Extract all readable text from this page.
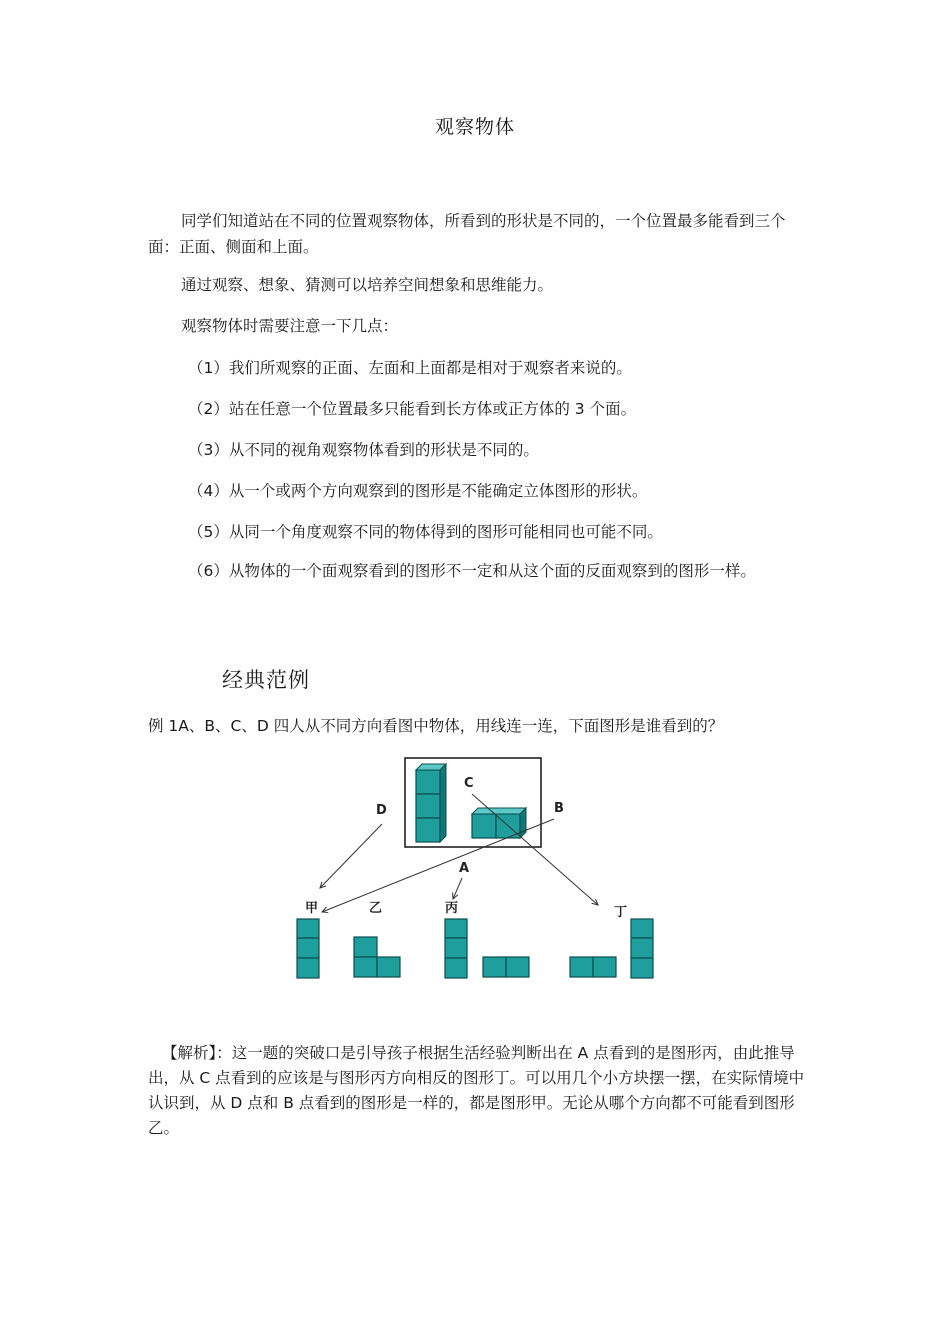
观察物体
同学们知道站在不同的位置观察物体，所看到的形状是不同的，一个位置最多能看到三个面：正面、侧面和上面。
通过观察、想象、猜测可以培养空间想象和思维能力。
观察物体时需要注意一下几点：
（1）我们所观察的正面、左面和上面都是相对于观察者来说的。
（2）站在任意一个位置最多只能看到长方体或正方体的 3 个面。
（3）从不同的视角观察物体看到的形状是不同的。
（4）从一个或两个方向观察到的图形是不能确定立体图形的形状。
（5）从同一个角度观察不同的物体得到的图形可能相同也可能不同。
（6）从物体的一个面观察看到的图形不一定和从这个面的反面观察到的图形一样。
经典范例
例 1A、B、C、D 四人从不同方向看图中物体，用线连一连，下面图形是谁看到的？
C
D	B
A
甲	乙	丙	丁
【解析】：这一题的突破口是引导孩子根据生活经验判断出在 A 点看到的是图形丙，由此推导出，从 C 点看到的应该是与图形丙方向相反的图形丁。可以用几个小方块摆一摆，在实际情境中认识到，从 D 点和 B 点看到的图形是一样的，都是图形甲。无论从哪个方向都不可能看到图形乙。
